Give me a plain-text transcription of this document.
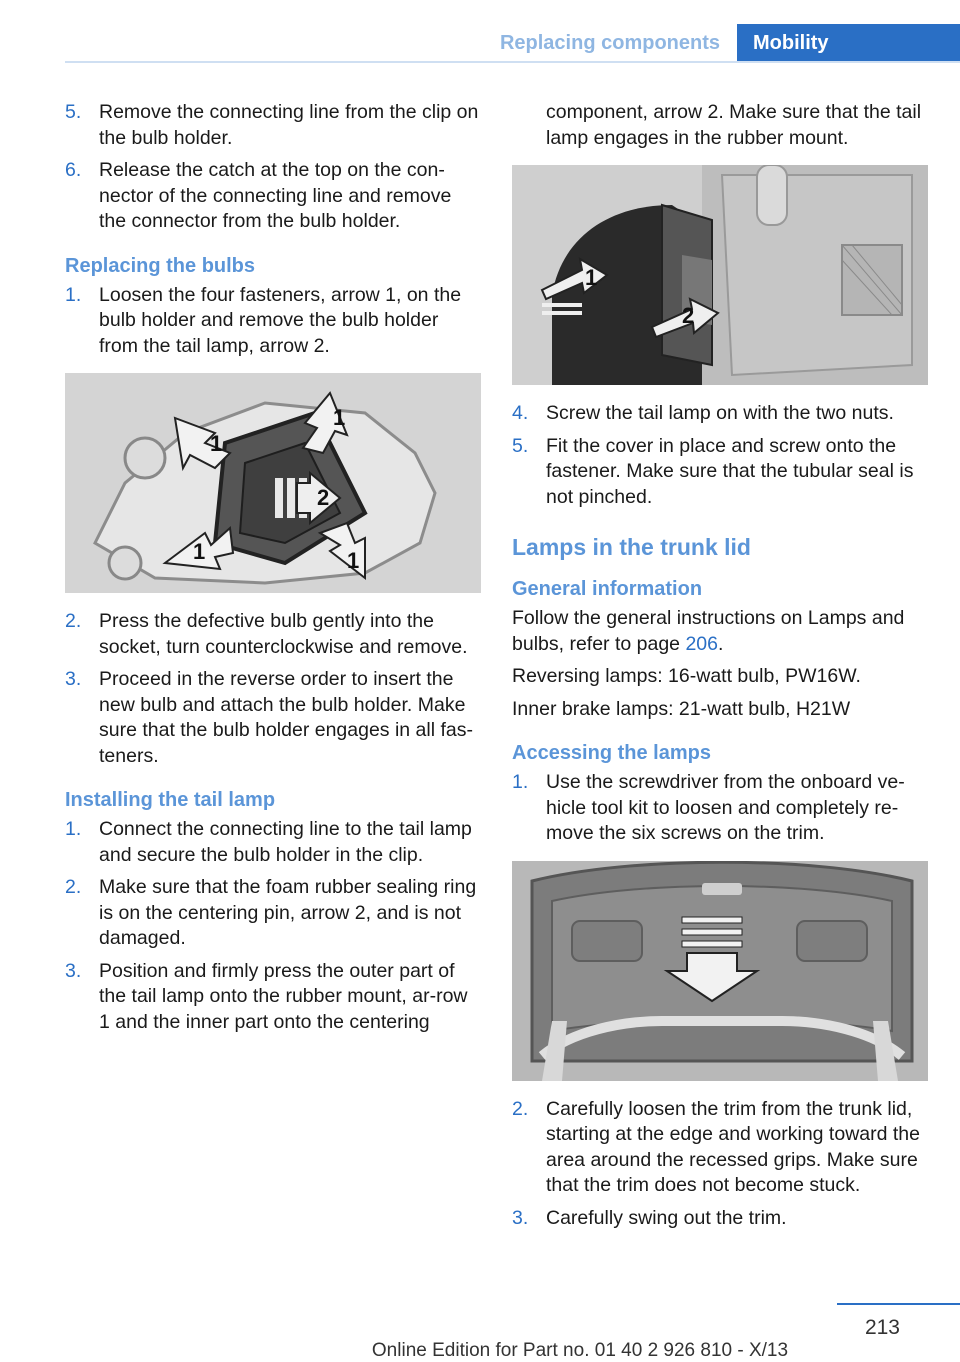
Replacing components	Mobility
5. Remove the connecting line from the clip on the bulb holder.
6. Release the catch at the top on the con‐nector of the connecting line and remove the connector from the bulb holder.
Replacing the bulbs
1. Loosen the four fasteners, arrow 1, on the bulb holder and remove the bulb holder from the tail lamp, arrow 2.
1
1
2
1	1
2. Press the defective bulb gently into the socket, turn counterclockwise and remove.
3. Proceed in the reverse order to insert the new bulb and attach the bulb holder. Make sure that the bulb holder engages in all fas‐teners.
Installing the tail lamp
1. Connect the connecting line to the tail lamp and secure the bulb holder in the clip.
2. Make sure that the foam rubber sealing ring is on the centering pin, arrow 2, and is not damaged.
3. Position and firmly press the outer part of the tail lamp onto the rubber mount, ar‐row 1 and the inner part onto the centering
component, arrow 2. Make sure that the tail lamp engages in the rubber mount.
1
2
4. Screw the tail lamp on with the two nuts.
5. Fit the cover in place and screw onto the fastener. Make sure that the tubular seal is not pinched.
Lamps in the trunk lid
General information
Follow the general instructions on Lamps and bulbs, refer to page 206.
Reversing lamps: 16-watt bulb, PW16W.
Inner brake lamps: 21-watt bulb, H21W
Accessing the lamps
1. Use the screwdriver from the onboard ve‐hicle tool kit to loosen and completely re‐move the six screws on the trim.
2. Carefully loosen the trim from the trunk lid, starting at the edge and working toward the area around the recessed grips. Make sure that the trim does not become stuck.
3. Carefully swing out the trim.
213
Online Edition for Part no. 01 40 2 926 810 - X/13
